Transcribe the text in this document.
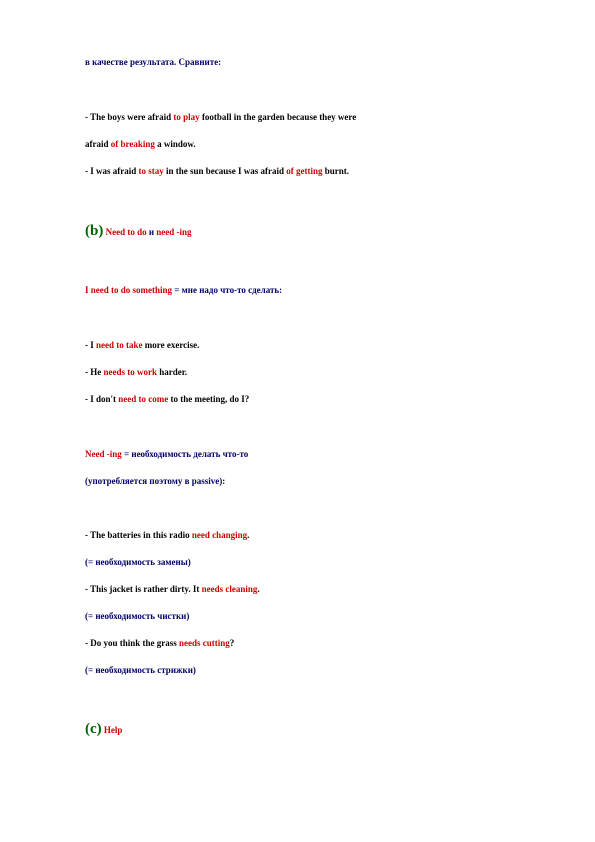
в качестве результата. Сравните:
- The boys were afraid to play football in the garden because they were
afraid of breaking a window.
- I was afraid to stay in the sun because I was afraid of getting burnt.
(b) Need to do и need -ing
I need to do something = мне надо что-то сделать:
- I need to take more exercise.
- He needs to work harder.
- I don't need to come to the meeting, do I?
Need -ing = необходимость делать что-то
(употребляется поэтому в passive):
- The batteries in this radio need changing.
(= необходимость замены)
- This jacket is rather dirty. It needs cleaning.
(= необходимость чистки)
- Do you think the grass needs cutting?
(= необходимость стрижки)
(c) Help
